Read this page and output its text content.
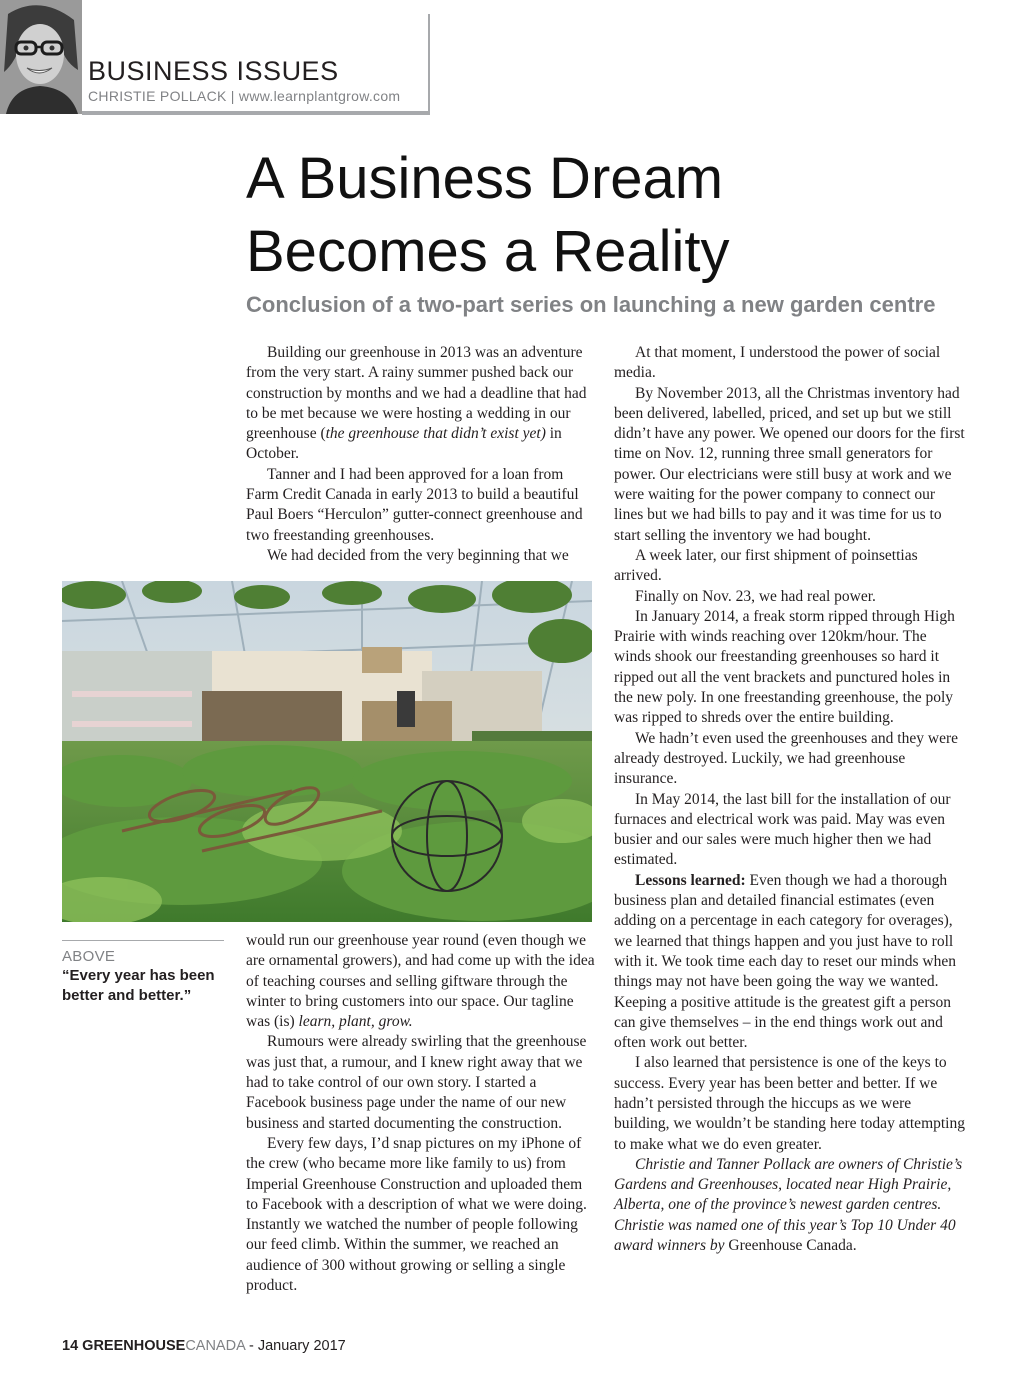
BUSINESS ISSUES
CHRISTIE POLLACK | www.learnplantgrow.com
A Business Dream
Becomes a Reality
Conclusion of a two-part series on launching a new garden centre

Building our greenhouse in 2013 was an adventure from the very start. A rainy summer pushed back our construction by months and we had a deadline that had to be met because we were hosting a wedding in our greenhouse (the greenhouse that didn’t exist yet) in October.

Tanner and I had been approved for a loan from Farm Credit Canada in early 2013 to build a beautiful Paul Boers “Herculon” gutter-connect greenhouse and two freestanding greenhouses.

We had decided from the very beginning that we

ABOVE
“Every year has been better and better.”

would run our greenhouse year round (even though we are ornamental growers), and had come up with the idea of teaching courses and selling giftware through the winter to bring customers into our space. Our tagline was (is) learn, plant, grow.

Rumours were already swirling that the greenhouse was just that, a rumour, and I knew right away that we had to take control of our own story. I started a Facebook business page under the name of our new business and started documenting the construction.

Every few days, I’d snap pictures on my iPhone of the crew (who became more like family to us) from Imperial Greenhouse Construction and uploaded them to Facebook with a description of what we were doing. Instantly we watched the number of people following our feed climb. Within the summer, we reached an audience of 300 without growing or selling a single product.

At that moment, I understood the power of social media.

By November 2013, all the Christmas inventory had been delivered, labelled, priced, and set up but we still didn’t have any power. We opened our doors for the first time on Nov. 12, running three small generators for power. Our electricians were still busy at work and we were waiting for the power company to connect our lines but we had bills to pay and it was time for us to start selling the inventory we had bought.

A week later, our first shipment of poinsettias arrived.

Finally on Nov. 23, we had real power.

In January 2014, a freak storm ripped through High Prairie with winds reaching over 120km/hour. The winds shook our freestanding greenhouses so hard it ripped out all the vent brackets and punctured holes in the new poly. In one freestanding greenhouse, the poly was ripped to shreds over the entire building.

We hadn’t even used the greenhouses and they were already destroyed. Luckily, we had greenhouse insurance.

In May 2014, the last bill for the installation of our furnaces and electrical work was paid. May was even busier and our sales were much higher then we had estimated.

Lessons learned: Even though we had a thorough business plan and detailed financial estimates (even adding on a percentage in each category for overages), we learned that things happen and you just have to roll with it. We took time each day to reset our minds when things may not have been going the way we wanted. Keeping a positive attitude is the greatest gift a person can give themselves – in the end things work out and often work out better.

I also learned that persistence is one of the keys to success. Every year has been better and better. If we hadn’t persisted through the hiccups as we were building, we wouldn’t be standing here today attempting to make what we do even greater.

Christie and Tanner Pollack are owners of Christie’s Gardens and Greenhouses, located near High Prairie, Alberta, one of the province’s newest garden centres. Christie was named one of this year’s Top 10 Under 40 award winners by Greenhouse Canada.

14 GREENHOUSECANADA - January 2017
